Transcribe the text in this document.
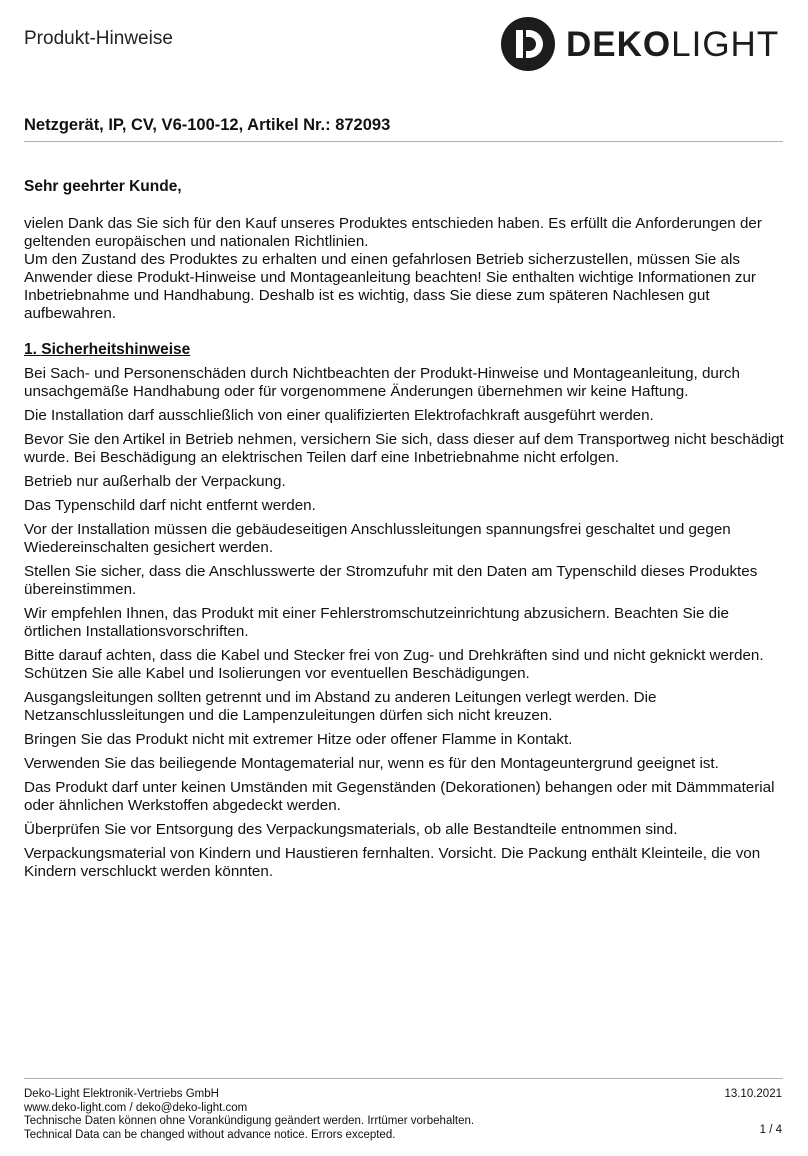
Produkt-Hinweise	DEKOLIGHT
Netzgerät, IP, CV, V6-100-12, Artikel Nr.: 872093

Sehr geehrter Kunde,

vielen Dank das Sie sich für den Kauf unseres Produktes entschieden haben. Es erfüllt die Anforderungen der geltenden europäischen und nationalen Richtlinien.
Um den Zustand des Produktes zu erhalten und einen gefahrlosen Betrieb sicherzustellen, müssen Sie als Anwender diese Produkt-Hinweise und Montageanleitung beachten! Sie enthalten wichtige Informationen zur Inbetriebnahme und Handhabung. Deshalb ist es wichtig, dass Sie diese zum späteren Nachlesen gut aufbewahren.

1. Sicherheitshinweise

Bei Sach- und Personenschäden durch Nichtbeachten der Produkt-Hinweise und Montageanleitung, durch unsachgemäße Handhabung oder für vorgenommene Änderungen übernehmen wir keine Haftung.

Die Installation darf ausschließlich von einer qualifizierten Elektrofachkraft ausgeführt werden.

Bevor Sie den Artikel in Betrieb nehmen, versichern Sie sich, dass dieser auf dem Transportweg nicht beschädigt wurde. Bei Beschädigung an elektrischen Teilen darf eine Inbetriebnahme nicht erfolgen.

Betrieb nur außerhalb der Verpackung.

Das Typenschild darf nicht entfernt werden.

Vor der Installation müssen die gebäudeseitigen Anschlussleitungen spannungsfrei geschaltet und gegen Wiedereinschalten gesichert werden.

Stellen Sie sicher, dass die Anschlusswerte der Stromzufuhr mit den Daten am Typenschild dieses Produktes übereinstimmen.

Wir empfehlen Ihnen, das Produkt mit einer Fehlerstromschutzeinrichtung abzusichern. Beachten Sie die örtlichen Installationsvorschriften.

Bitte darauf achten, dass die Kabel und Stecker frei von Zug- und Drehkräften sind und nicht geknickt werden. Schützen Sie alle Kabel und Isolierungen vor eventuellen Beschädigungen.

Ausgangsleitungen sollten getrennt und im Abstand zu anderen Leitungen verlegt werden. Die Netzanschlussleitungen und die Lampenzuleitungen dürfen sich nicht kreuzen.

Bringen Sie das Produkt nicht mit extremer Hitze oder offener Flamme in Kontakt.

Verwenden Sie das beiliegende Montagematerial nur, wenn es für den Montageuntergrund geeignet ist.

Das Produkt darf unter keinen Umständen mit Gegenständen (Dekorationen) behangen oder mit Dämmmaterial oder ähnlichen Werkstoffen abgedeckt werden.

Überprüfen Sie vor Entsorgung des Verpackungsmaterials, ob alle Bestandteile entnommen sind.

Verpackungsmaterial von Kindern und Haustieren fernhalten. Vorsicht. Die Packung enthält Kleinteile, die von Kindern verschluckt werden könnten.

Deko-Light Elektronik-Vertriebs GmbH
www.deko-light.com / deko@deko-light.com
Technische Daten können ohne Vorankündigung geändert werden. Irrtümer vorbehalten.
Technical Data can be changed without advance notice. Errors excepted.
13.10.2021
1 / 4
